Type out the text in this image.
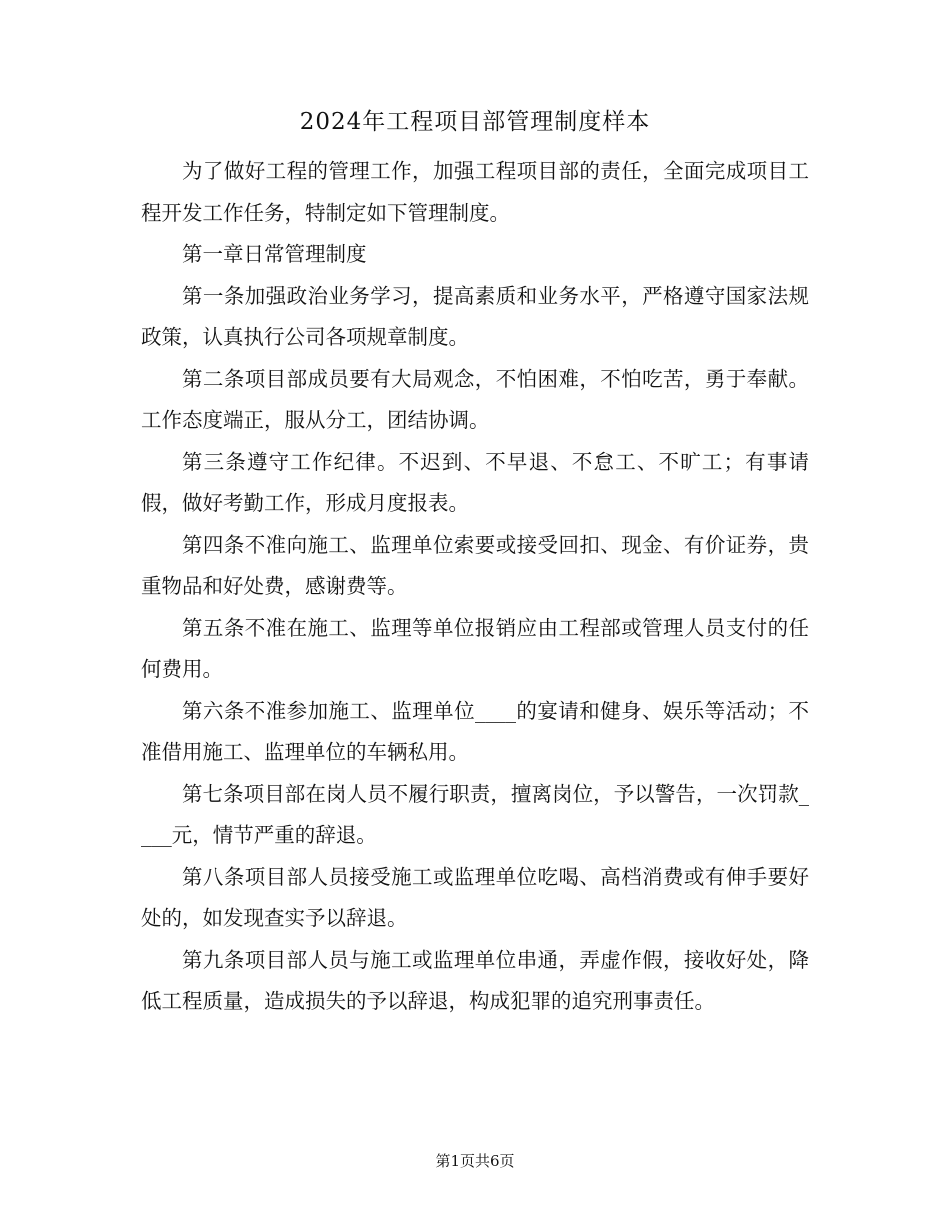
2024年工程项目部管理制度样本

为了做好工程的管理工作，加强工程项目部的责任，全面完成项目工程开发工作任务，特制定如下管理制度。

第一章日常管理制度

第一条加强政治业务学习，提高素质和业务水平，严格遵守国家法规政策，认真执行公司各项规章制度。

第二条项目部成员要有大局观念，不怕困难，不怕吃苦，勇于奉献。工作态度端正，服从分工，团结协调。

第三条遵守工作纪律。不迟到、不早退、不怠工、不旷工；有事请假，做好考勤工作，形成月度报表。

第四条不准向施工、监理单位索要或接受回扣、现金、有价证券，贵重物品和好处费，感谢费等。

第五条不准在施工、监理等单位报销应由工程部或管理人员支付的任何费用。

第六条不准参加施工、监理单位____的宴请和健身、娱乐等活动；不准借用施工、监理单位的车辆私用。

第七条项目部在岗人员不履行职责，擅离岗位，予以警告，一次罚款____元，情节严重的辞退。

第八条项目部人员接受施工或监理单位吃喝、高档消费或有伸手要好处的，如发现查实予以辞退。

第九条项目部人员与施工或监理单位串通，弄虚作假，接收好处，降低工程质量，造成损失的予以辞退，构成犯罪的追究刑事责任。

第1页共6页
